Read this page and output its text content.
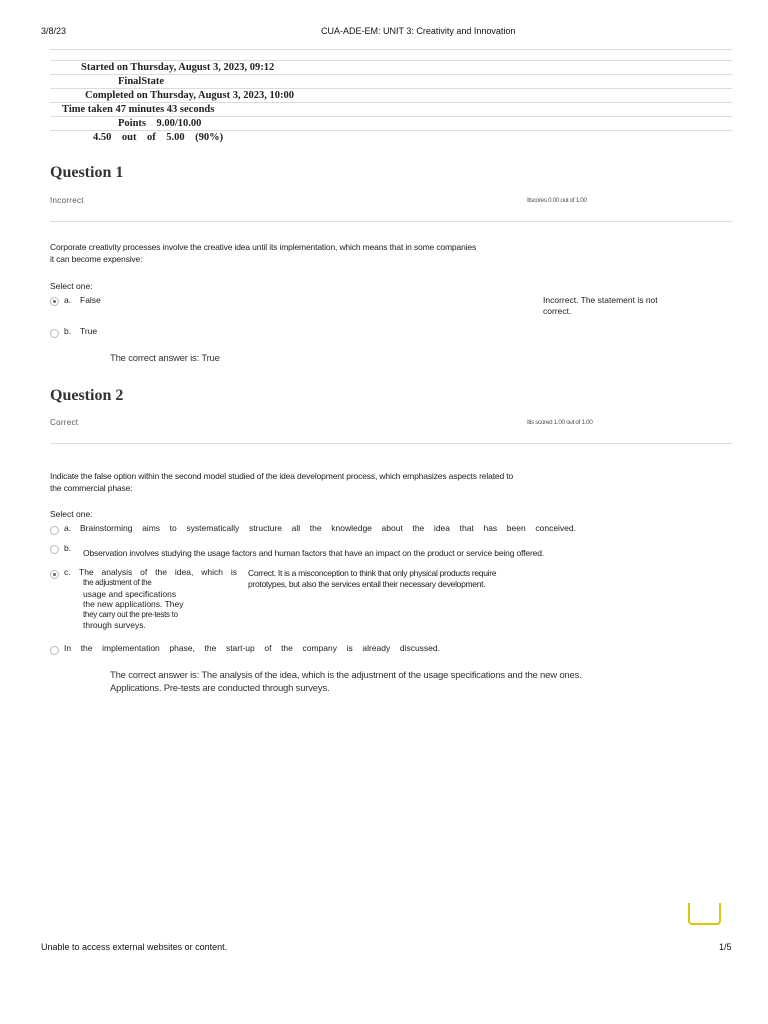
3/8/23	CUA-ADE-EM: UNIT 3: Creativity and Innovation
Started on Thursday, August 3, 2023, 09:12
FinalState
Completed on Thursday, August 3, 2023, 10:00
Time taken 47 minutes 43 seconds
Points    9.00/10.00
4.50    out    of    5.00    (90%)
Question 1
Incorrect	Itscores 0.00 out of 1.00
Corporate creativity processes involve the creative idea until its implementation, which means that in some companies
it can become expensive:
Select one:
a. False
b. True
Incorrect. The statement is not
correct.
The correct answer is: True
Question 2
Correct	Itis scored 1.00 out of 1.00
Indicate the false option within the second model studied of the idea development process, which emphasizes aspects related to
the commercial phase:
Select one:
a. Brainstorming aims to systematically structure all the knowledge about the idea that has been conceived.
b. Observation involves studying the usage factors and human factors that have an impact on the product or service being offered.
c. The analysis of the idea, which is
the adjustment of the
usage and specifications
the new applications. They
they carry out the pre-tests to
through surveys.
Correct. It is a misconception to think that only physical products require
prototypes, but also the services entail their necessary development.
In the implementation phase, the start-up of the company is already discussed.
The correct answer is: The analysis of the idea, which is the adjustment of the usage specifications and the new ones.
Applications. Pre-tests are conducted through surveys.
Unable to access external websites or content.	1/5
